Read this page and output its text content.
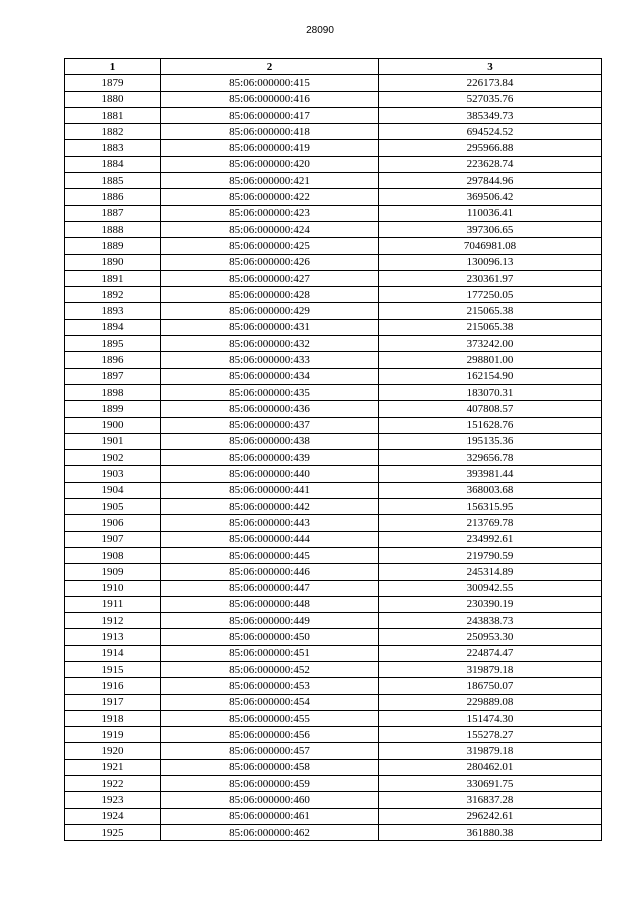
28090
1	2	3
1879	85:06:000000:415	226173.84
1880	85:06:000000:416	527035.76
1881	85:06:000000:417	385349.73
1882	85:06:000000:418	694524.52
1883	85:06:000000:419	295966.88
1884	85:06:000000:420	223628.74
1885	85:06:000000:421	297844.96
1886	85:06:000000:422	369506.42
1887	85:06:000000:423	110036.41
1888	85:06:000000:424	397306.65
1889	85:06:000000:425	7046981.08
1890	85:06:000000:426	130096.13
1891	85:06:000000:427	230361.97
1892	85:06:000000:428	177250.05
1893	85:06:000000:429	215065.38
1894	85:06:000000:431	215065.38
1895	85:06:000000:432	373242.00
1896	85:06:000000:433	298801.00
1897	85:06:000000:434	162154.90
1898	85:06:000000:435	183070.31
1899	85:06:000000:436	407808.57
1900	85:06:000000:437	151628.76
1901	85:06:000000:438	195135.36
1902	85:06:000000:439	329656.78
1903	85:06:000000:440	393981.44
1904	85:06:000000:441	368003.68
1905	85:06:000000:442	156315.95
1906	85:06:000000:443	213769.78
1907	85:06:000000:444	234992.61
1908	85:06:000000:445	219790.59
1909	85:06:000000:446	245314.89
1910	85:06:000000:447	300942.55
1911	85:06:000000:448	230390.19
1912	85:06:000000:449	243838.73
1913	85:06:000000:450	250953.30
1914	85:06:000000:451	224874.47
1915	85:06:000000:452	319879.18
1916	85:06:000000:453	186750.07
1917	85:06:000000:454	229889.08
1918	85:06:000000:455	151474.30
1919	85:06:000000:456	155278.27
1920	85:06:000000:457	319879.18
1921	85:06:000000:458	280462.01
1922	85:06:000000:459	330691.75
1923	85:06:000000:460	316837.28
1924	85:06:000000:461	296242.61
1925	85:06:000000:462	361880.38
